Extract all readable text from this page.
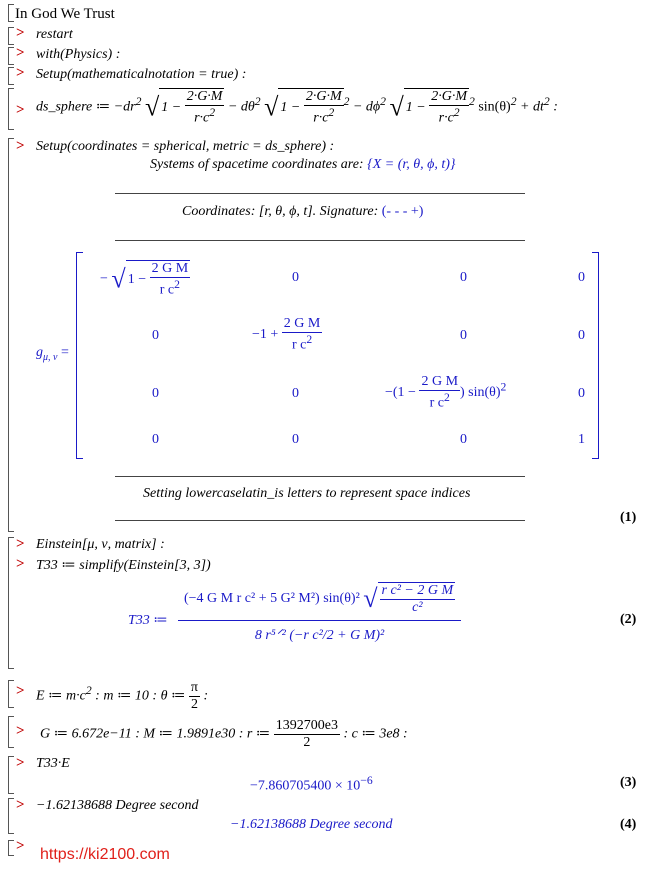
In God We Trust
> restart
> with(Physics) :
> Setup(mathematicalnotation = true) :
> ds_sphere ≔ $-dr^2$ √ $1 - \frac{2\cdot G\cdot M}{r\cdot c^2} - d\theta^2$ √ $1 - \frac{2\cdot G\cdot M}{r\cdot c^2} ^2 - d\phi^2$ √ $1 - \frac{2\cdot G\cdot M}{r\cdot c^2} ^2$ $\sin(\theta)^2 + dt^2$ :
> Setup(coordinates = spherical, metric = ds_sphere) :
Systems of spacetime coordinates are: {X = (r, θ, ϕ, t)}
Coordinates: [r, θ, ϕ, t]. Signature: (- - - +)
$g_{\mu, \nu}$ =
− √ $1 - \frac{\text{2 G M}}{r c^2}$	0	0	0
0	$-1 + \frac{\text{2 G M}}{r c^2}$	0	0
0	0	$-(1 - \frac{\text{2 G M}}{r c^2}$ ) $\sin(\theta)^2$	0
0	0	0	1
Setting lowercaselatin_is letters to represent space indices
(1)
> Einstein[μ, ν, matrix] :
> T33 ≔ simplify(Einstein[3, 3])
T33 ≔ $\frac{(-4 G M r c^2 + 5 G^2 M^2) \sin(\theta)^2 √ \frac{\text{r c² − 2 G M}}{\text{c²}}}{\text{8 r⁵ᐟ² (−r c²/2 + G M)²}}$	(2)
> E ≔ $m\cdot c^2$ : m ≔ 10 : θ ≔ $\frac{\pi}{2}$ :
> G ≔ 6.672e−11 : M ≔ 1.9891e30 : r ≔ $\frac{1392700e3}{2}$ : c ≔ 3e8 :
> T33·E
$-7.860705400 \times 10^{-6}$	(3)
> −1.62138688 Degree second
−1.62138688 Degree second	(4)
> https://ki2100.com
